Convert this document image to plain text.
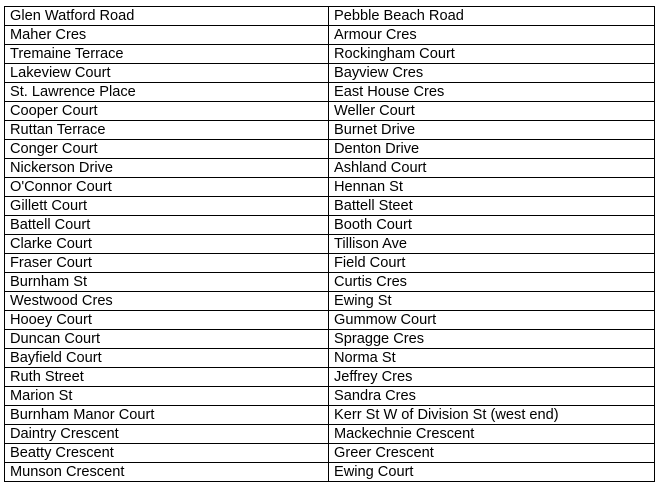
Glen Watford Road	Pebble Beach Road
Maher Cres	Armour Cres
Tremaine Terrace	Rockingham Court
Lakeview Court	Bayview Cres
St. Lawrence Place	East House Cres
Cooper Court	Weller Court
Ruttan Terrace	Burnet Drive
Conger Court	Denton Drive
Nickerson Drive	Ashland Court
O'Connor Court	Hennan St
Gillett Court	Battell Steet
Battell Court	Booth Court
Clarke Court	Tillison Ave
Fraser Court	Field Court
Burnham St	Curtis Cres
Westwood Cres	Ewing St
Hooey Court	Gummow Court
Duncan Court	Spragge Cres
Bayfield Court	Norma St
Ruth Street	Jeffrey Cres
Marion St	Sandra Cres
Burnham Manor Court	Kerr St W of Division St (west end)
Daintry Crescent	Mackechnie Crescent
Beatty Crescent	Greer Crescent
Munson Crescent	Ewing Court
